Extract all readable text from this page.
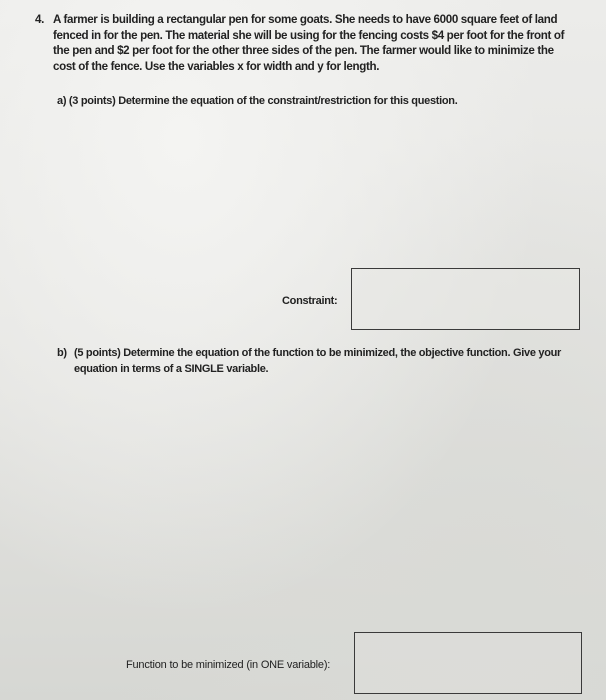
4. A farmer is building a rectangular pen for some goats. She needs to have 6000 square feet of land fenced in for the pen. The material she will be using for the fencing costs $4 per foot for the front of the pen and $2 per foot for the other three sides of the pen. The farmer would like to minimize the cost of the fence. Use the variables x for width and y for length.
a) (3 points) Determine the equation of the constraint/restriction for this question.
Constraint:
b) (5 points) Determine the equation of the function to be minimized, the objective function. Give your equation in terms of a SINGLE variable.
Function to be minimized (in ONE variable):
